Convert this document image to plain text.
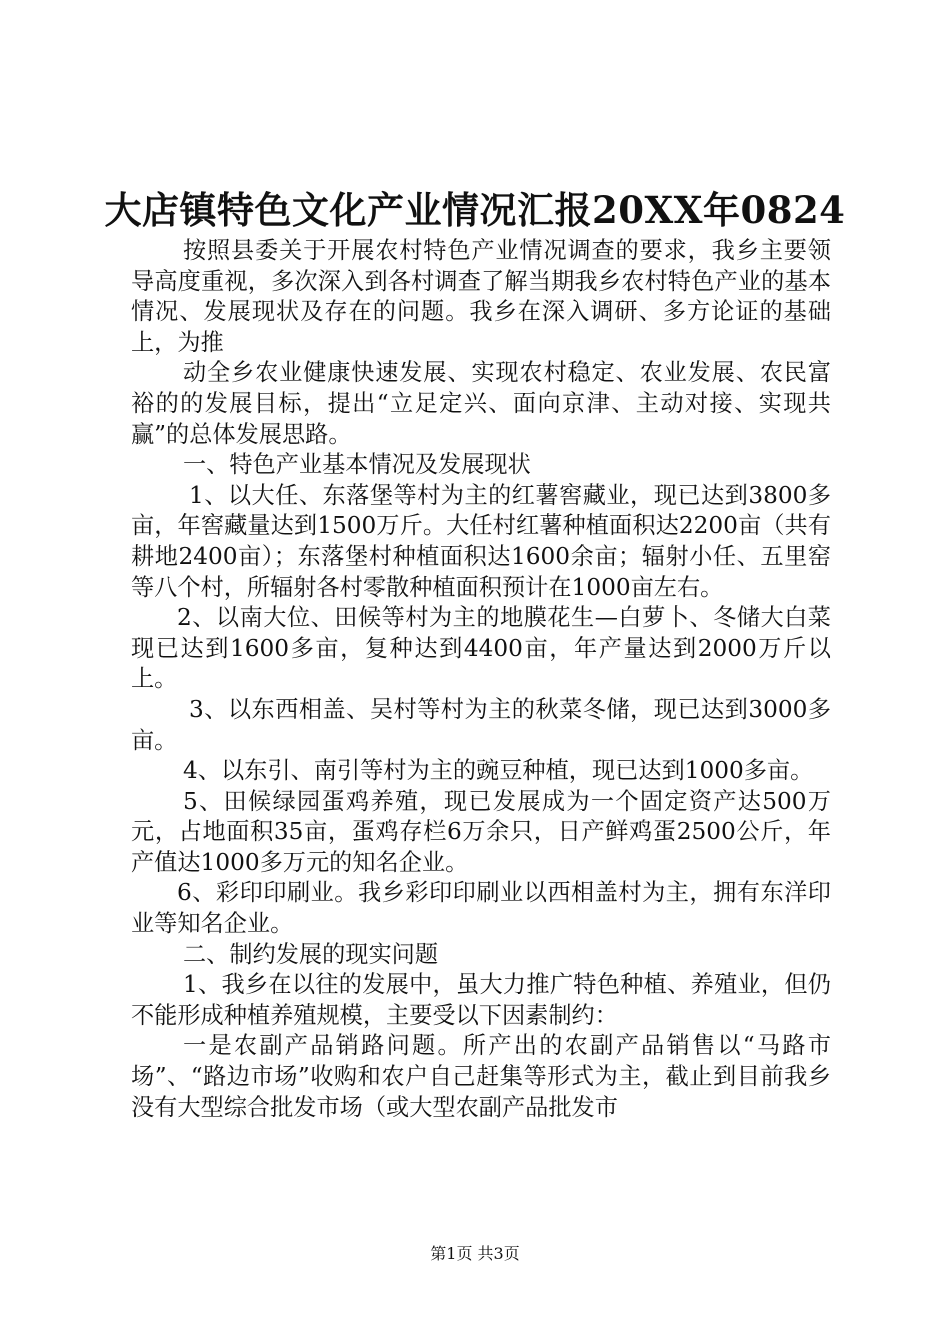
大店镇特色文化产业情况汇报20XX年0824

按照县委关于开展农村特色产业情况调查的要求，我乡主要领导高度重视，多次深入到各村调查了解当期我乡农村特色产业的基本情况、发展现状及存在的问题。我乡在深入调研、多方论证的基础上，为推

动全乡农业健康快速发展、实现农村稳定、农业发展、农民富裕的的发展目标，提出“立足定兴、面向京津、主动对接、实现共赢”的总体发展思路。

一、特色产业基本情况及发展现状

1、以大任、东落堡等村为主的红薯窖藏业，现已达到3800多亩，年窖藏量达到1500万斤。大任村红薯种植面积达2200亩（共有耕地2400亩）；东落堡村种植面积达1600余亩；辐射小任、五里窑等八个村，所辐射各村零散种植面积预计在1000亩左右。

2、以南大位、田候等村为主的地膜花生—白萝卜、冬储大白菜现已达到1600多亩，复种达到4400亩，年产量达到2000万斤以上。

3、以东西相盖、吴村等村为主的秋菜冬储，现已达到3000多亩。

4、以东引、南引等村为主的豌豆种植，现已达到1000多亩。

5、田候绿园蛋鸡养殖，现已发展成为一个固定资产达500万元，占地面积35亩，蛋鸡存栏6万余只，日产鲜鸡蛋2500公斤，年产值达1000多万元的知名企业。

6、彩印印刷业。我乡彩印印刷业以西相盖村为主，拥有东洋印业等知名企业。

二、制约发展的现实问题

1、我乡在以往的发展中，虽大力推广特色种植、养殖业，但仍不能形成种植养殖规模，主要受以下因素制约：

一是农副产品销路问题。所产出的农副产品销售以“马路市场”、“路边市场”收购和农户自己赶集等形式为主，截止到目前我乡没有大型综合批发市场（或大型农副产品批发市

第1页 共3页
